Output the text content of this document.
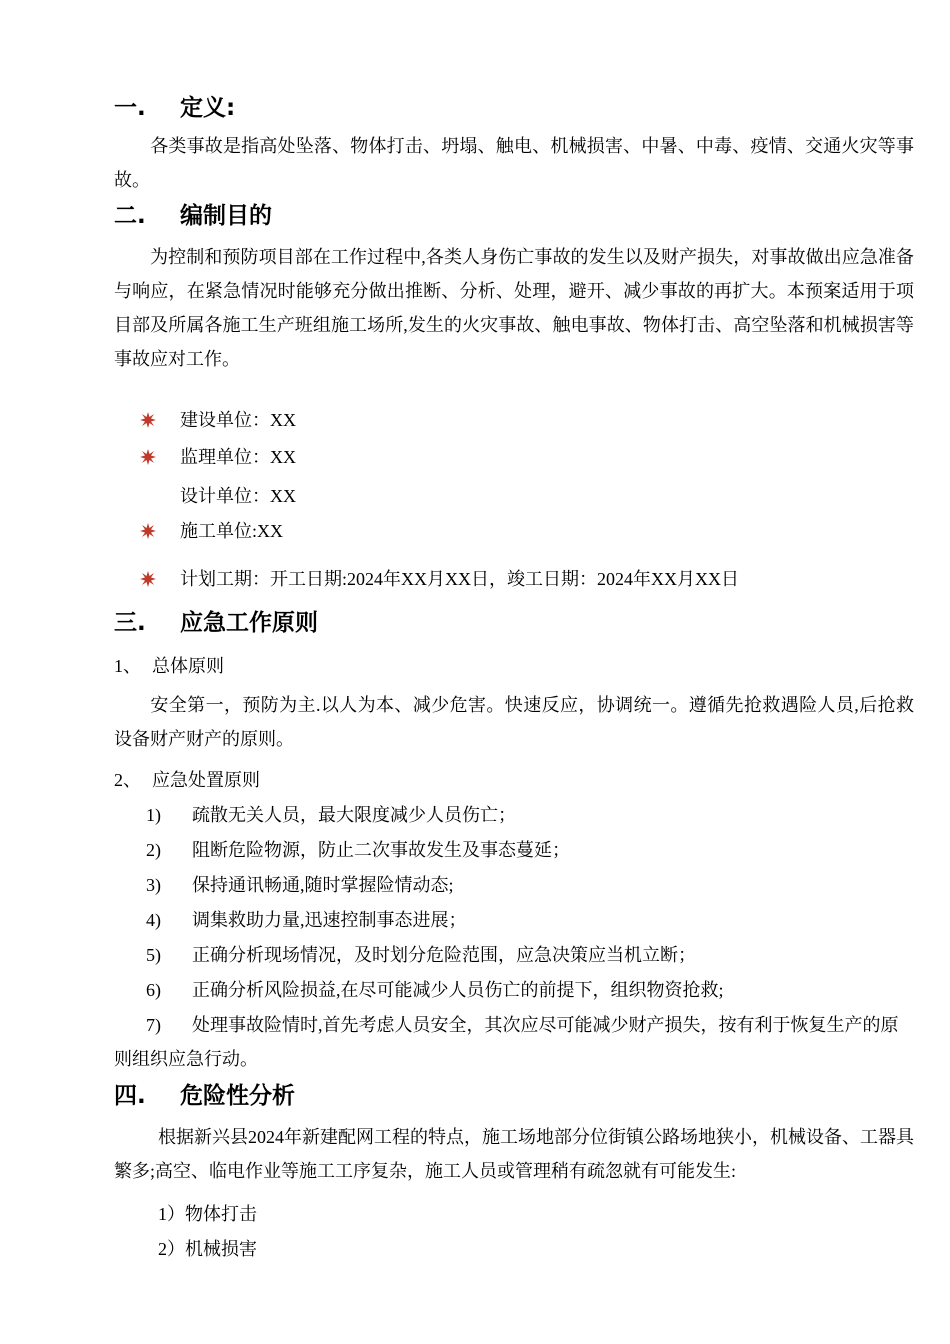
一. 定义:
各类事故是指高处坠落、物体打击、坍塌、触电、机械损害、中暑、中毒、疫情、交通火灾等事故。
二. 编制目的
为控制和预防项目部在工作过程中,各类人身伤亡事故的发生以及财产损失，对事故做出应急准备与响应，在紧急情况时能够充分做出推断、分析、处理，避开、减少事故的再扩大。本预案适用于项目部及所属各施工生产班组施工场所,发生的火灾事故、触电事故、物体打击、高空坠落和机械损害等事故应对工作。
建设单位：XX
监理单位：XX
设计单位：XX
施工单位:XX
计划工期：开工日期:2024年XX月XX日，竣工日期：2024年XX月XX日
三. 应急工作原则
1、 总体原则
安全第一，预防为主.以人为本、减少危害。快速反应，协调统一。遵循先抢救遇险人员,后抢救设备财产财产的原则。
2、 应急处置原则
1) 疏散无关人员，最大限度减少人员伤亡；
2) 阻断危险物源，防止二次事故发生及事态蔓延；
3) 保持通讯畅通,随时掌握险情动态;
4) 调集救助力量,迅速控制事态进展；
5) 正确分析现场情况，及时划分危险范围，应急决策应当机立断；
6) 正确分析风险损益,在尽可能减少人员伤亡的前提下，组织物资抢救;
7) 处理事故险情时,首先考虑人员安全，其次应尽可能减少财产损失，按有利于恢复生产的原则组织应急行动。
四. 危险性分析
根据新兴县2024年新建配网工程的特点，施工场地部分位街镇公路场地狭小，机械设备、工器具繁多;高空、临电作业等施工工序复杂，施工人员或管理稍有疏忽就有可能发生:
1）物体打击
2）机械损害
